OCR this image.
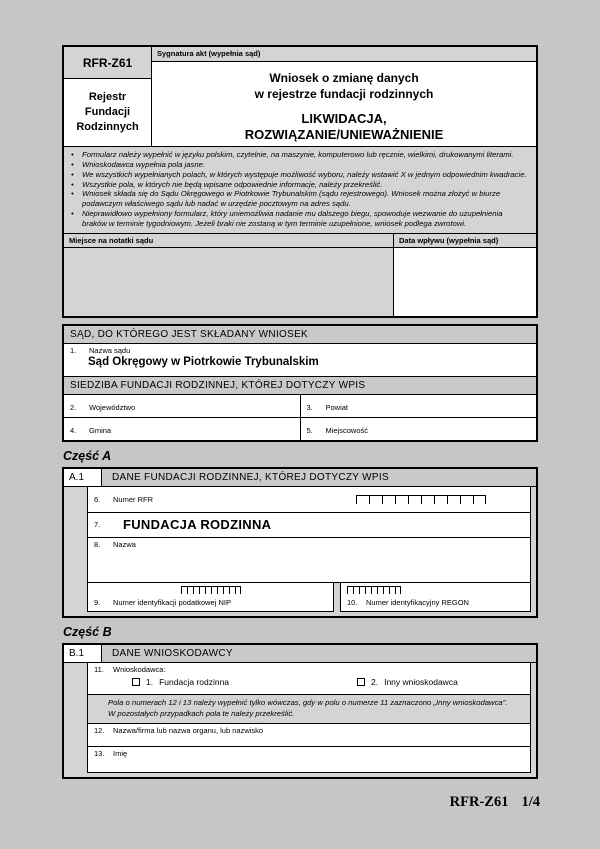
RFR-Z61
Rejestr Fundacji Rodzinnych
Sygnatura akt (wypełnia sąd)
Wniosek o zmianę danych
w rejestrze fundacji rodzinnych
LIKWIDACJA,
ROZWIĄZANIE/UNIEWAŻNIENIE
• Formularz należy wypełnić w języku polskim, czytelnie, na maszynie, komputerowo lub ręcznie, wielkimi, drukowanymi literami.
• Wnioskodawca wypełnia pola jasne.
• We wszystkich wypełnianych polach, w których występuje możliwość wyboru, należy wstawić X w jednym odpowiednim kwadracie.
• Wszystkie pola, w których nie będą wpisane odpowiednie informacje, należy przekreślić.
• Wniosek składa się do Sądu Okręgowego w Piotrkowie Trybunalskim (sądu rejestrowego). Wniosek można złożyć w biurze podawczym właściwego sądu lub nadać w urzędzie pocztowym na adres sądu.
• Nieprawidłowo wypełniony formularz, który uniemożliwia nadanie mu dalszego biegu, spowoduje wezwanie do uzupełnienia braków w terminie tygodniowym. Jeżeli braki nie zostaną w tym terminie uzupełnione, wniosek podlega zwrotowi.
Miejsce na notatki sądu	Data wpływu (wypełnia sąd)
SĄD, DO KTÓREGO JEST SKŁADANY WNIOSEK
1. Nazwa sądu
Sąd Okręgowy w Piotrkowie Trybunalskim
SIEDZIBA FUNDACJI RODZINNEJ, KTÓREJ DOTYCZY WPIS
2. Województwo	3. Powiat
4. Gmina	5. Miejscowość
Część A
A.1	DANE FUNDACJI RODZINNEJ, KTÓREJ DOTYCZY WPIS
6. Numer RFR
7.	FUNDACJA RODZINNA
8. Nazwa
9. Numer identyfikacji podatkowej NIP	10. Numer identyfikacyjny REGON
Część B
B.1	DANE WNIOSKODAWCY
11. Wnioskodawca:
1. Fundacja rodzinna	2. Inny wnioskodawca
Pola o numerach 12 i 13 należy wypełnić tylko wówczas, gdy w polu o numerze 11 zaznaczono „Inny wnioskodawca”. W pozostałych przypadkach pola te należy przekreślić.
12. Nazwa/firma lub nazwa organu, lub nazwisko
13. Imię
RFR-Z61 1/4
